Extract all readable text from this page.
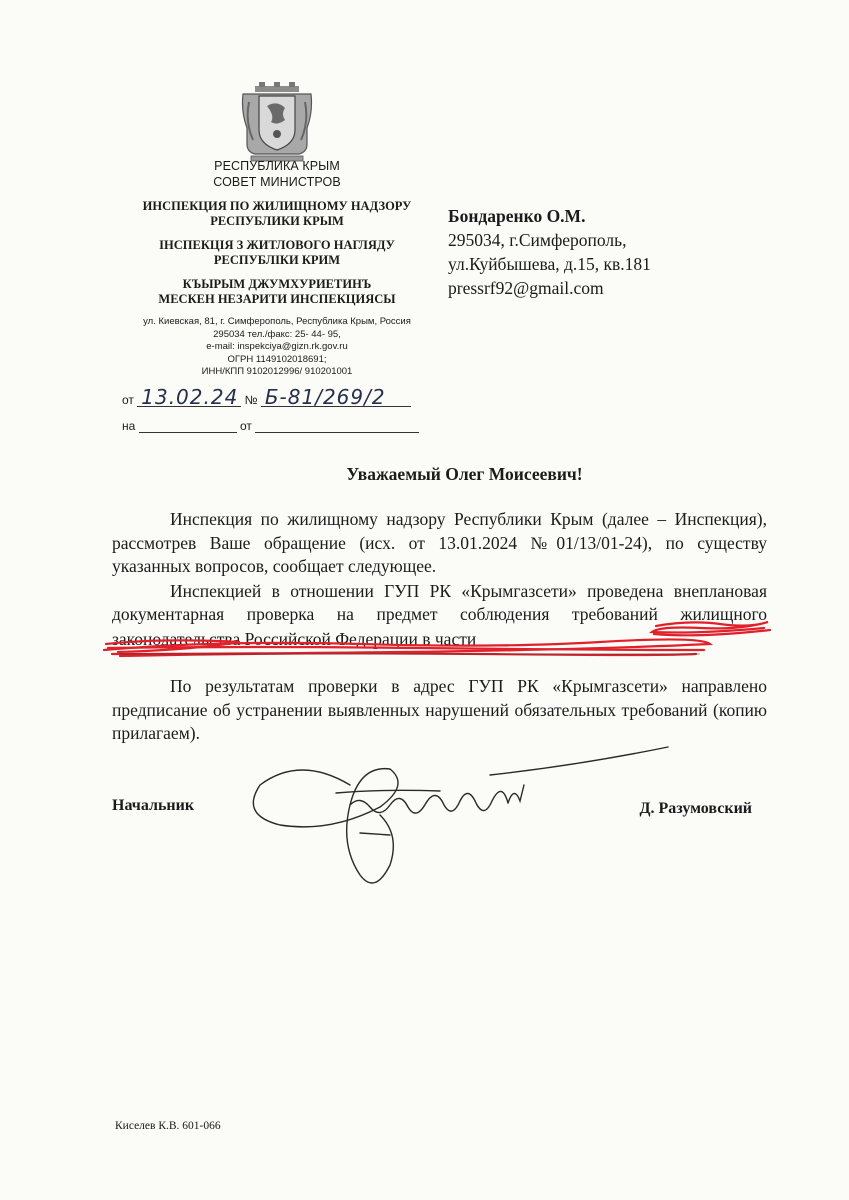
РЕСПУБЛИКА КРЫМ
СОВЕТ МИНИСТРОВ
ИНСПЕКЦИЯ ПО ЖИЛИЩНОМУ НАДЗОРУ
РЕСПУБЛИКИ КРЫМ
ІНСПЕКЦІЯ З ЖИТЛОВОГО НАГЛЯДУ
РЕСПУБЛІКИ КРИМ
КЪЫРЫМ ДЖУМХУРИЕТИНЪ
МЕСКЕН НЕЗАРИТИ ИНСПЕКЦИЯСЫ
ул. Киевская, 81, г. Симферополь, Республика Крым, Россия
295034 тел./факс: 25- 44- 95,
e-mail: inspekciya@gizn.rk.gov.ru
ОГРН 1149102018691;
ИНН/КПП 9102012996/ 910201001
от 13.02.24 № Б-81/269/2
на	от
Бондаренко О.М.
295034, г.Симферополь,
ул.Куйбышева, д.15, кв.181
pressrf92@gmail.com
Уважаемый Олег Моисеевич!

Инспекция по жилищному надзору Республики Крым (далее – Инспекция), рассмотрев Ваше обращение (исх. от 13.01.2024 №01/13/01-24), по существу указанных вопросов, сообщает следующее.

Инспекцией в отношении ГУП РК «Крымгазсети» проведена внеплановая документарная проверка на предмет соблюдения требований жилищного законодательства Российской Федерации в части

По результатам проверки в адрес ГУП РК «Крымгазсети» направлено предписание об устранении выявленных нарушений обязательных требований (копию прилагаем).

Начальник	Д. Разумовский
Киселев К.В. 601-066
